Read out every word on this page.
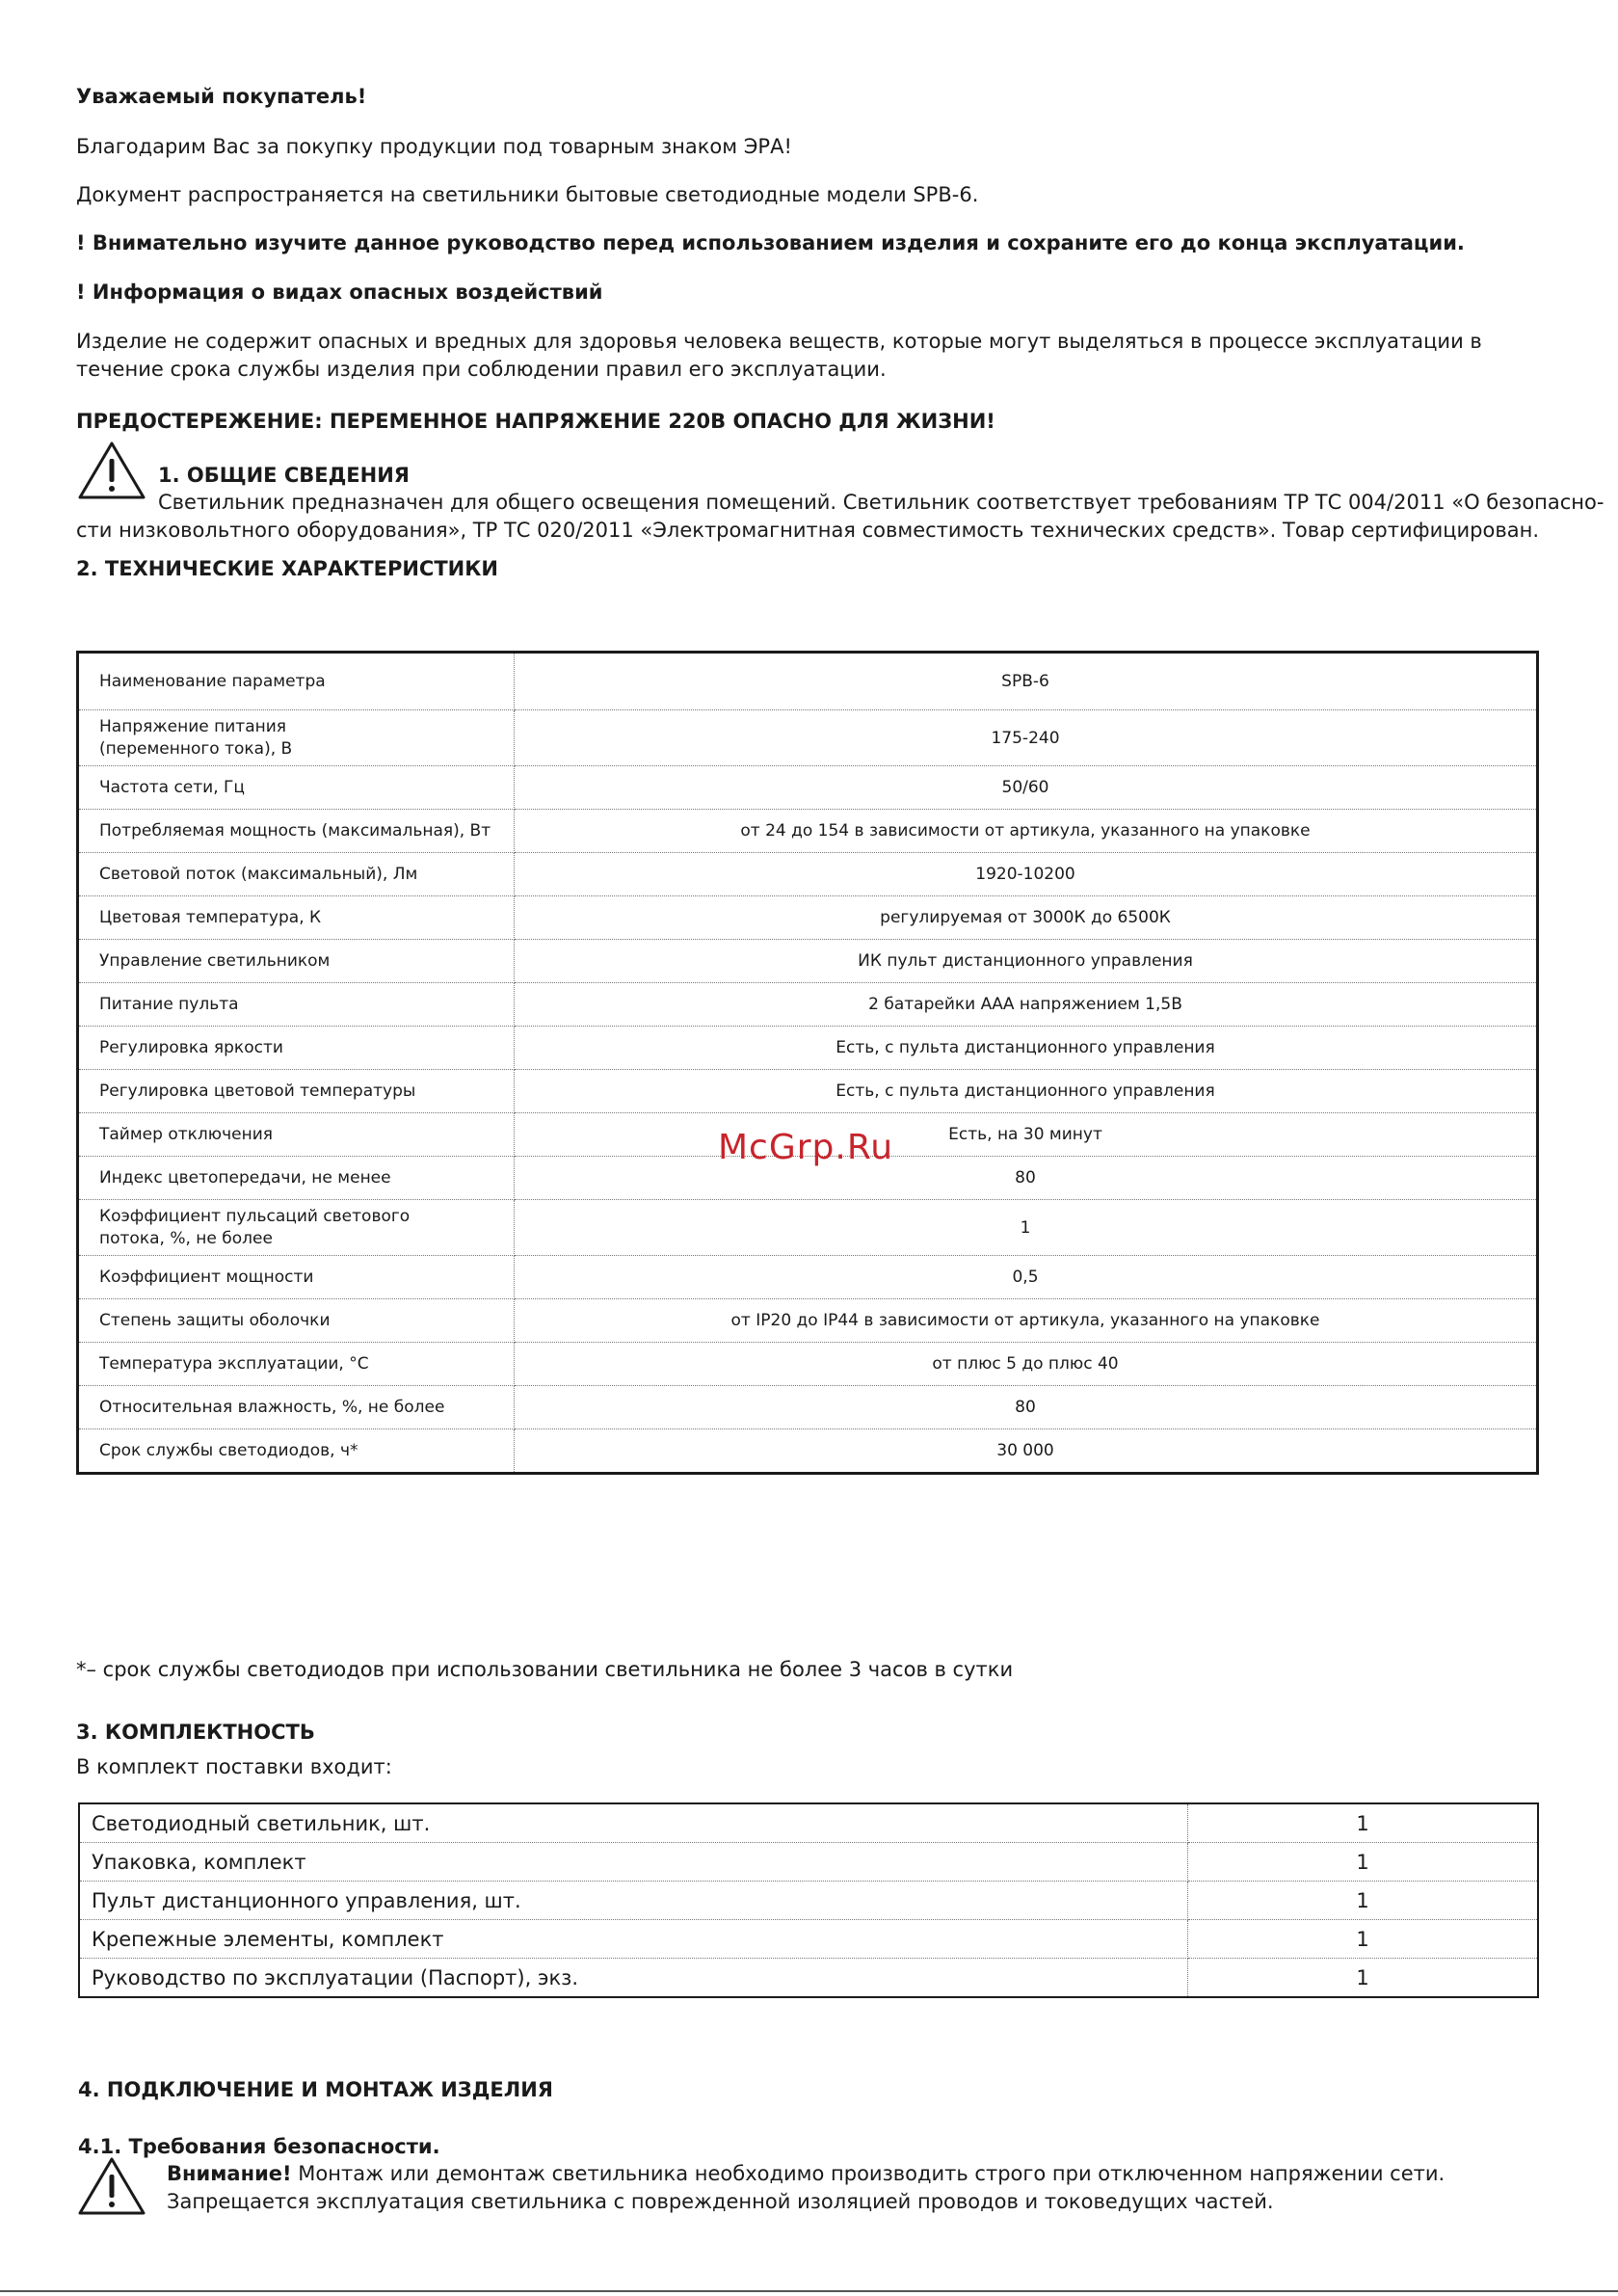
Уважаемый покупатель!
Благодарим Вас за покупку продукции под товарным знаком ЭРА!
Документ распространяется на светильники бытовые светодиодные модели SPB-6.
! Внимательно изучите данное руководство перед использованием изделия и сохраните его до конца эксплуатации.
! Информация о видах опасных воздействий
Изделие не содержит опасных и вредных для здоровья человека веществ, которые могут выделяться в процессе эксплуатации в течение срока службы изделия при соблюдении правил его эксплуатации.
ПРЕДОСТЕРЕЖЕНИЕ: ПЕРЕМЕННОЕ НАПРЯЖЕНИЕ 220В ОПАСНО ДЛЯ ЖИЗНИ!
1. ОБЩИЕ СВЕДЕНИЯ
Светильник предназначен для общего освещения помещений. Светильник соответствует требованиям ТР ТС 004/2011 «О безопасно-
сти низковольтного оборудования», ТР ТС 020/2011 «Электромагнитная совместимость технических средств». Товар сертифицирован.
2. ТЕХНИЧЕСКИЕ ХАРАКТЕРИСТИКИ
Наименование параметра	SPB-6

Напряжение питания (переменного тока), В	175-240
Частота сети, Гц	50/60
Потребляемая мощность (максимальная), Вт	от 24 до 154 в зависимости от артикула, указанного на упаковке
Световой поток (максимальный), Лм	1920-10200
Цветовая температура, К	регулируемая от 3000К до 6500К
Управление светильником	ИК пульт дистанционного управления
Питание пульта	2 батарейки ААА напряжением 1,5В
Регулировка яркости	Есть, с пульта дистанционного управления
Регулировка цветовой температуры	Есть, с пульта дистанционного управления
Таймер отключения	Есть, на 30 минут
Индекс цветопередачи, не менее	80

Коэффициент пульсаций светового потока, %, не более	1
Коэффициент мощности	0,5
Степень защиты оболочки	от IP20 до IP44 в зависимости от артикула, указанного на упаковке
Температура эксплуатации, °С	от плюс 5 до плюс 40
Относительная влажность, %, не более	80
Срок службы светодиодов, ч*	30 000
*– срок службы светодиодов при использовании светильника не более 3 часов в сутки
3. КОМПЛЕКТНОСТЬ
В комплект поставки входит:
Светодиодный светильник, шт.	1
Упаковка, комплект	1
Пульт дистанционного управления, шт.	1
Крепежные элементы, комплект	1
Руководство по эксплуатации (Паспорт), экз.	1
4. ПОДКЛЮЧЕНИЕ И МОНТАЖ ИЗДЕЛИЯ
4.1. Требования безопасности.
Внимание! Монтаж или демонтаж светильника необходимо производить строго при отключенном напряжении сети.
Запрещается эксплуатация светильника с поврежденной изоляцией проводов и токоведущих частей.
McGrp.Ru
